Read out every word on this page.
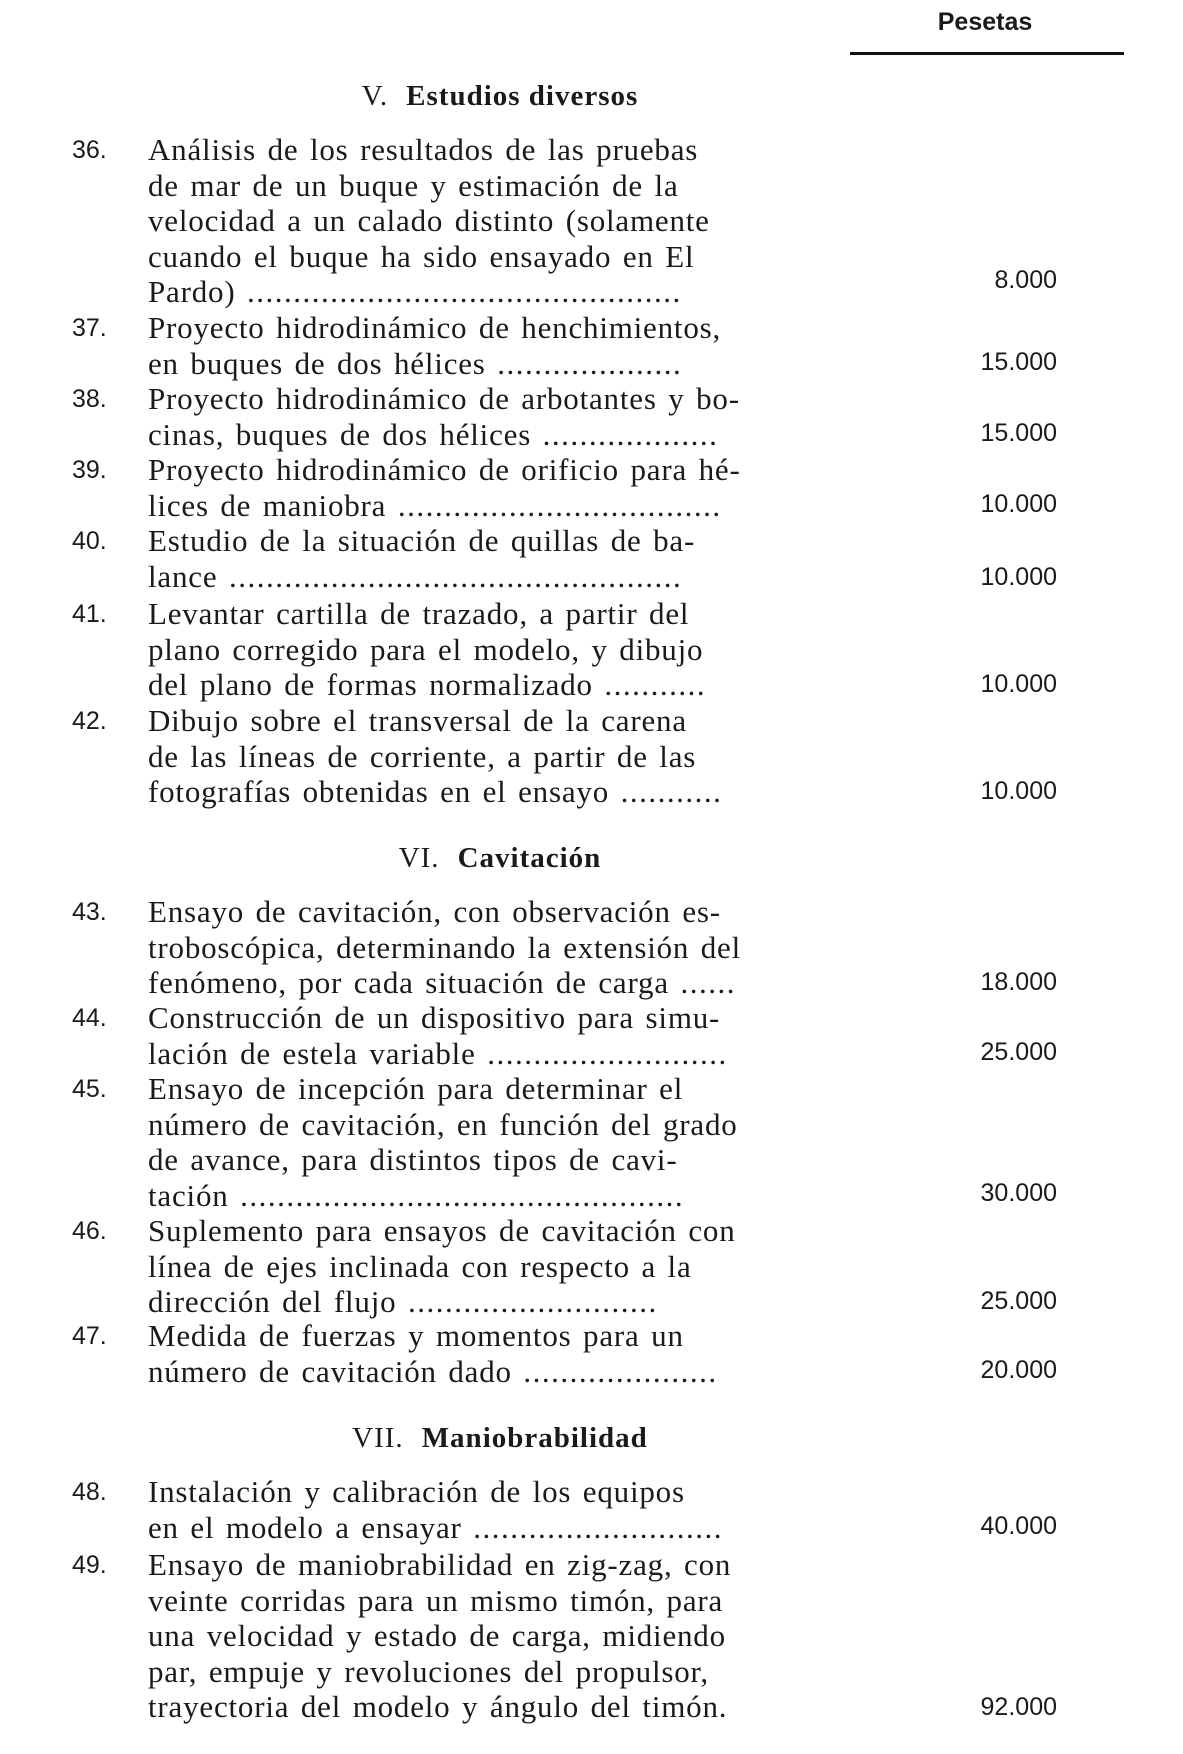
Pesetas
V. Estudios diversos
36.	Análisis de los resultados de las pruebas
de mar de un buque y estimación de la
velocidad a un calado distinto (solamente
cuando el buque ha sido ensayado en El
Pardo) ...............................................	8.000
37.	Proyecto hidrodinámico de henchimientos,
en buques de dos hélices ....................	15.000
38.	Proyecto hidrodinámico de arbotantes y bo-
cinas, buques de dos hélices ...................	15.000
39.	Proyecto hidrodinámico de orificio para hé-
lices de maniobra ...................................	10.000
40.	Estudio de la situación de quillas de ba-
lance .................................................	10.000
41.	Levantar cartilla de trazado, a partir del
plano corregido para el modelo, y dibujo
del plano de formas normalizado ...........	10.000
42.	Dibujo sobre el transversal de la carena
de las líneas de corriente, a partir de las
fotografías obtenidas en el ensayo ...........	10.000
VI. Cavitación
43.	Ensayo de cavitación, con observación es-
troboscópica, determinando la extensión del
fenómeno, por cada situación de carga ......	18.000
44.	Construcción de un dispositivo para simu-
lación de estela variable ..........................	25.000
45.	Ensayo de incepción para determinar el
número de cavitación, en función del grado
de avance, para distintos tipos de cavi-
tación ................................................	30.000
46.	Suplemento para ensayos de cavitación con
línea de ejes inclinada con respecto a la
dirección del flujo ...........................	25.000
47.	Medida de fuerzas y momentos para un
número de cavitación dado .....................	20.000
VII. Maniobrabilidad
48.	Instalación y calibración de los equipos
en el modelo a ensayar ...........................	40.000
49.	Ensayo de maniobrabilidad en zig-zag, con
veinte corridas para un mismo timón, para
una velocidad y estado de carga, midiendo
par, empuje y revoluciones del propulsor,
trayectoria del modelo y ángulo del timón.	92.000
